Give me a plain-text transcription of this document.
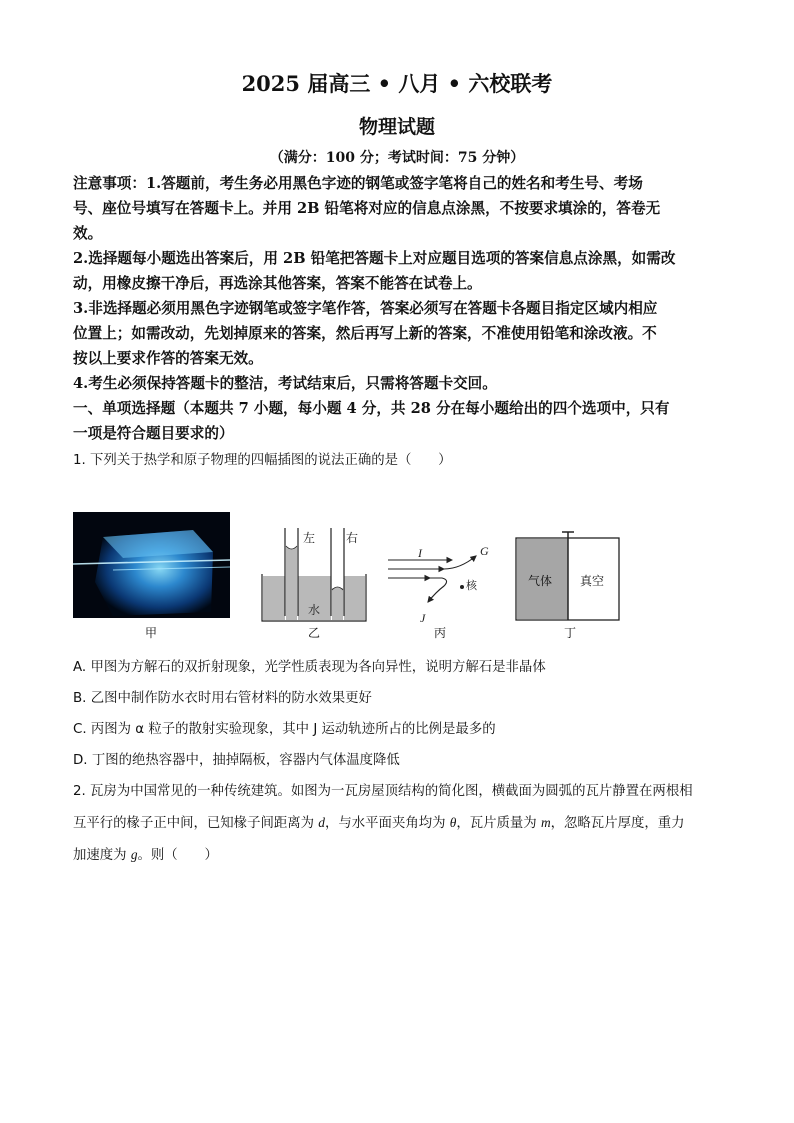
2025 届高三 • 八月 • 六校联考
物理试题
（满分：100 分；考试时间：75 分钟）
注意事项：1.答题前，考生务必用黑色字迹的钢笔或签字笔将自己的姓名和考生号、考场
号、座位号填写在答题卡上。并用 2B 铅笔将对应的信息点涂黑，不按要求填涂的，答卷无
效。
2.选择题每小题选出答案后，用 2B 铅笔把答题卡上对应题目选项的答案信息点涂黑，如需改
动，用橡皮擦干净后，再选涂其他答案，答案不能答在试卷上。
3.非选择题必须用黑色字迹钢笔或签字笔作答，答案必须写在答题卡各题目指定区域内相应
位置上；如需改动，先划掉原来的答案，然后再写上新的答案，不准使用铅笔和涂改液。不
按以上要求作答的答案无效。
4.考生必须保持答题卡的整洁，考试结束后，只需将答题卡交回。
一、单项选择题（本题共 7 小题，每小题 4 分，共 28 分在每小题给出的四个选项中，只有
一项是符合题目要求的）
1. 下列关于热学和原子物理的四幅插图的说法正确的是（　　）
甲
左	右
水
乙
I	G
核
J
丙
气体 真空
丁
A. 甲图为方解石的双折射现象，光学性质表现为各向异性，说明方解石是非晶体
B. 乙图中制作防水衣时用右管材料的防水效果更好
C. 丙图为 α 粒子的散射实验现象，其中 J 运动轨迹所占的比例是最多的
D. 丁图的绝热容器中，抽掉隔板，容器内气体温度降低
2. 瓦房为中国常见的一种传统建筑。如图为一瓦房屋顶结构的简化图，横截面为圆弧的瓦片静置在两根相
互平行的椽子正中间，已知椽子间距离为 d，与水平面夹角均为 θ，瓦片质量为 m，忽略瓦片厚度，重力
加速度为 g。则（　　）
